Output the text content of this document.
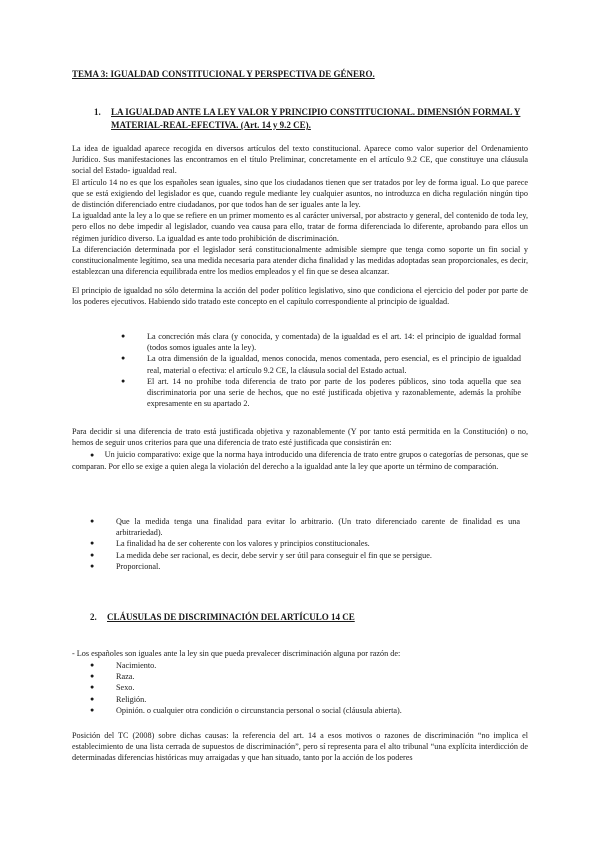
TEMA 3: IGUALDAD CONSTITUCIONAL Y PERSPECTIVA DE GÉNERO.
1. LA IGUALDAD ANTE LA LEY VALOR Y PRINCIPIO CONSTITUCIONAL. DIMENSIÓN FORMAL Y MATERIAL-REAL-EFECTIVA. (Art. 14 y 9.2 CE).

La idea de igualdad aparece recogida en diversos artículos del texto constitucional. Aparece como valor superior del Ordenamiento Jurídico. Sus manifestaciones las encontramos en el título Preliminar, concretamente en el artículo 9.2 CE, que constituye una cláusula social del Estado- igualdad real.

El artículo 14 no es que los españoles sean iguales, sino que los ciudadanos tienen que ser tratados por ley de forma igual. Lo que parece que se está exigiendo del legislador es que, cuando regule mediante ley cualquier asuntos, no introduzca en dicha regulación ningún tipo de distinción diferenciado entre ciudadanos, por que todos han de ser iguales ante la ley.

La igualdad ante la ley a lo que se refiere en un primer momento es al carácter universal, por abstracto y general, del contenido de toda ley, pero ellos no debe impedir al legislador, cuando vea causa para ello, tratar de forma diferenciada lo diferente, aprobando para ellos un régimen jurídico diverso. La igualdad es ante todo prohibición de discriminación.

La diferenciación determinada por el legislador será constitucionalmente admisible siempre que tenga como soporte un fin social y constitucionalmente legítimo, sea una medida necesaria para atender dicha finalidad y las medidas adoptadas sean proporcionales, es decir, establezcan una diferencia equilibrada entre los medios empleados y el fin que se desea alcanzar.

El principio de igualdad no sólo determina la acción del poder político legislativo, sino que condiciona el ejercicio del poder por parte de los poderes ejecutivos. Habiendo sido tratado este concepto en el capítulo correspondiente al principio de igualdad.

●	La concreción más clara (y conocida, y comentada) de la igualdad es el art. 14: el principio de igualdad formal (todos somos iguales ante la ley).
●	La otra dimensión de la igualdad, menos conocida, menos comentada, pero esencial, es el principio de igualdad real, material o efectiva: el artículo 9.2 CE, la cláusula social del Estado actual.
●	El art. 14 no prohíbe toda diferencia de trato por parte de los poderes públicos, sino toda aquella que sea discriminatoria por una serie de hechos, que no esté justificada objetiva y razonablemente, además la prohíbe expresamente en su apartado 2.

Para decidir si una diferencia de trato está justificada objetiva y razonablemente (Y por tanto está permitida en la Constitución) o no, hemos de seguir unos criterios para que una diferencia de trato esté justificada que consistirán en:

● Un juicio comparativo: exige que la norma haya introducido una diferencia de trato entre grupos o categorías de personas, que se comparan. Por ello se exige a quien alega la violación del derecho a la igualdad ante la ley que aporte un término de comparación.

●	Que la medida tenga una finalidad para evitar lo arbitrario. (Un trato diferenciado carente de finalidad es una arbitrariedad).
●	La finalidad ha de ser coherente con los valores y principios constitucionales.
●	La medida debe ser racional, es decir, debe servir y ser útil para conseguir el fin que se persigue.
●	Proporcional.
2. CLÁUSULAS DE DISCRIMINACIÓN DEL ARTÍCULO 14 CE

- Los españoles son iguales ante la ley sin que pueda prevalecer discriminación alguna por razón de:

●	Nacimiento.
●	Raza.
●	Sexo.
●	Religión.
●	Opinión. o cualquier otra condición o circunstancia personal o social (cláusula abierta).

Posición del TC (2008) sobre dichas causas: la referencia del art. 14 a esos motivos o razones de discriminación “no implica el establecimiento de una lista cerrada de supuestos de discriminación”, pero sí representa para el alto tribunal “una explícita interdicción de determinadas diferencias históricas muy arraigadas y que han situado, tanto por la acción de los poderes
